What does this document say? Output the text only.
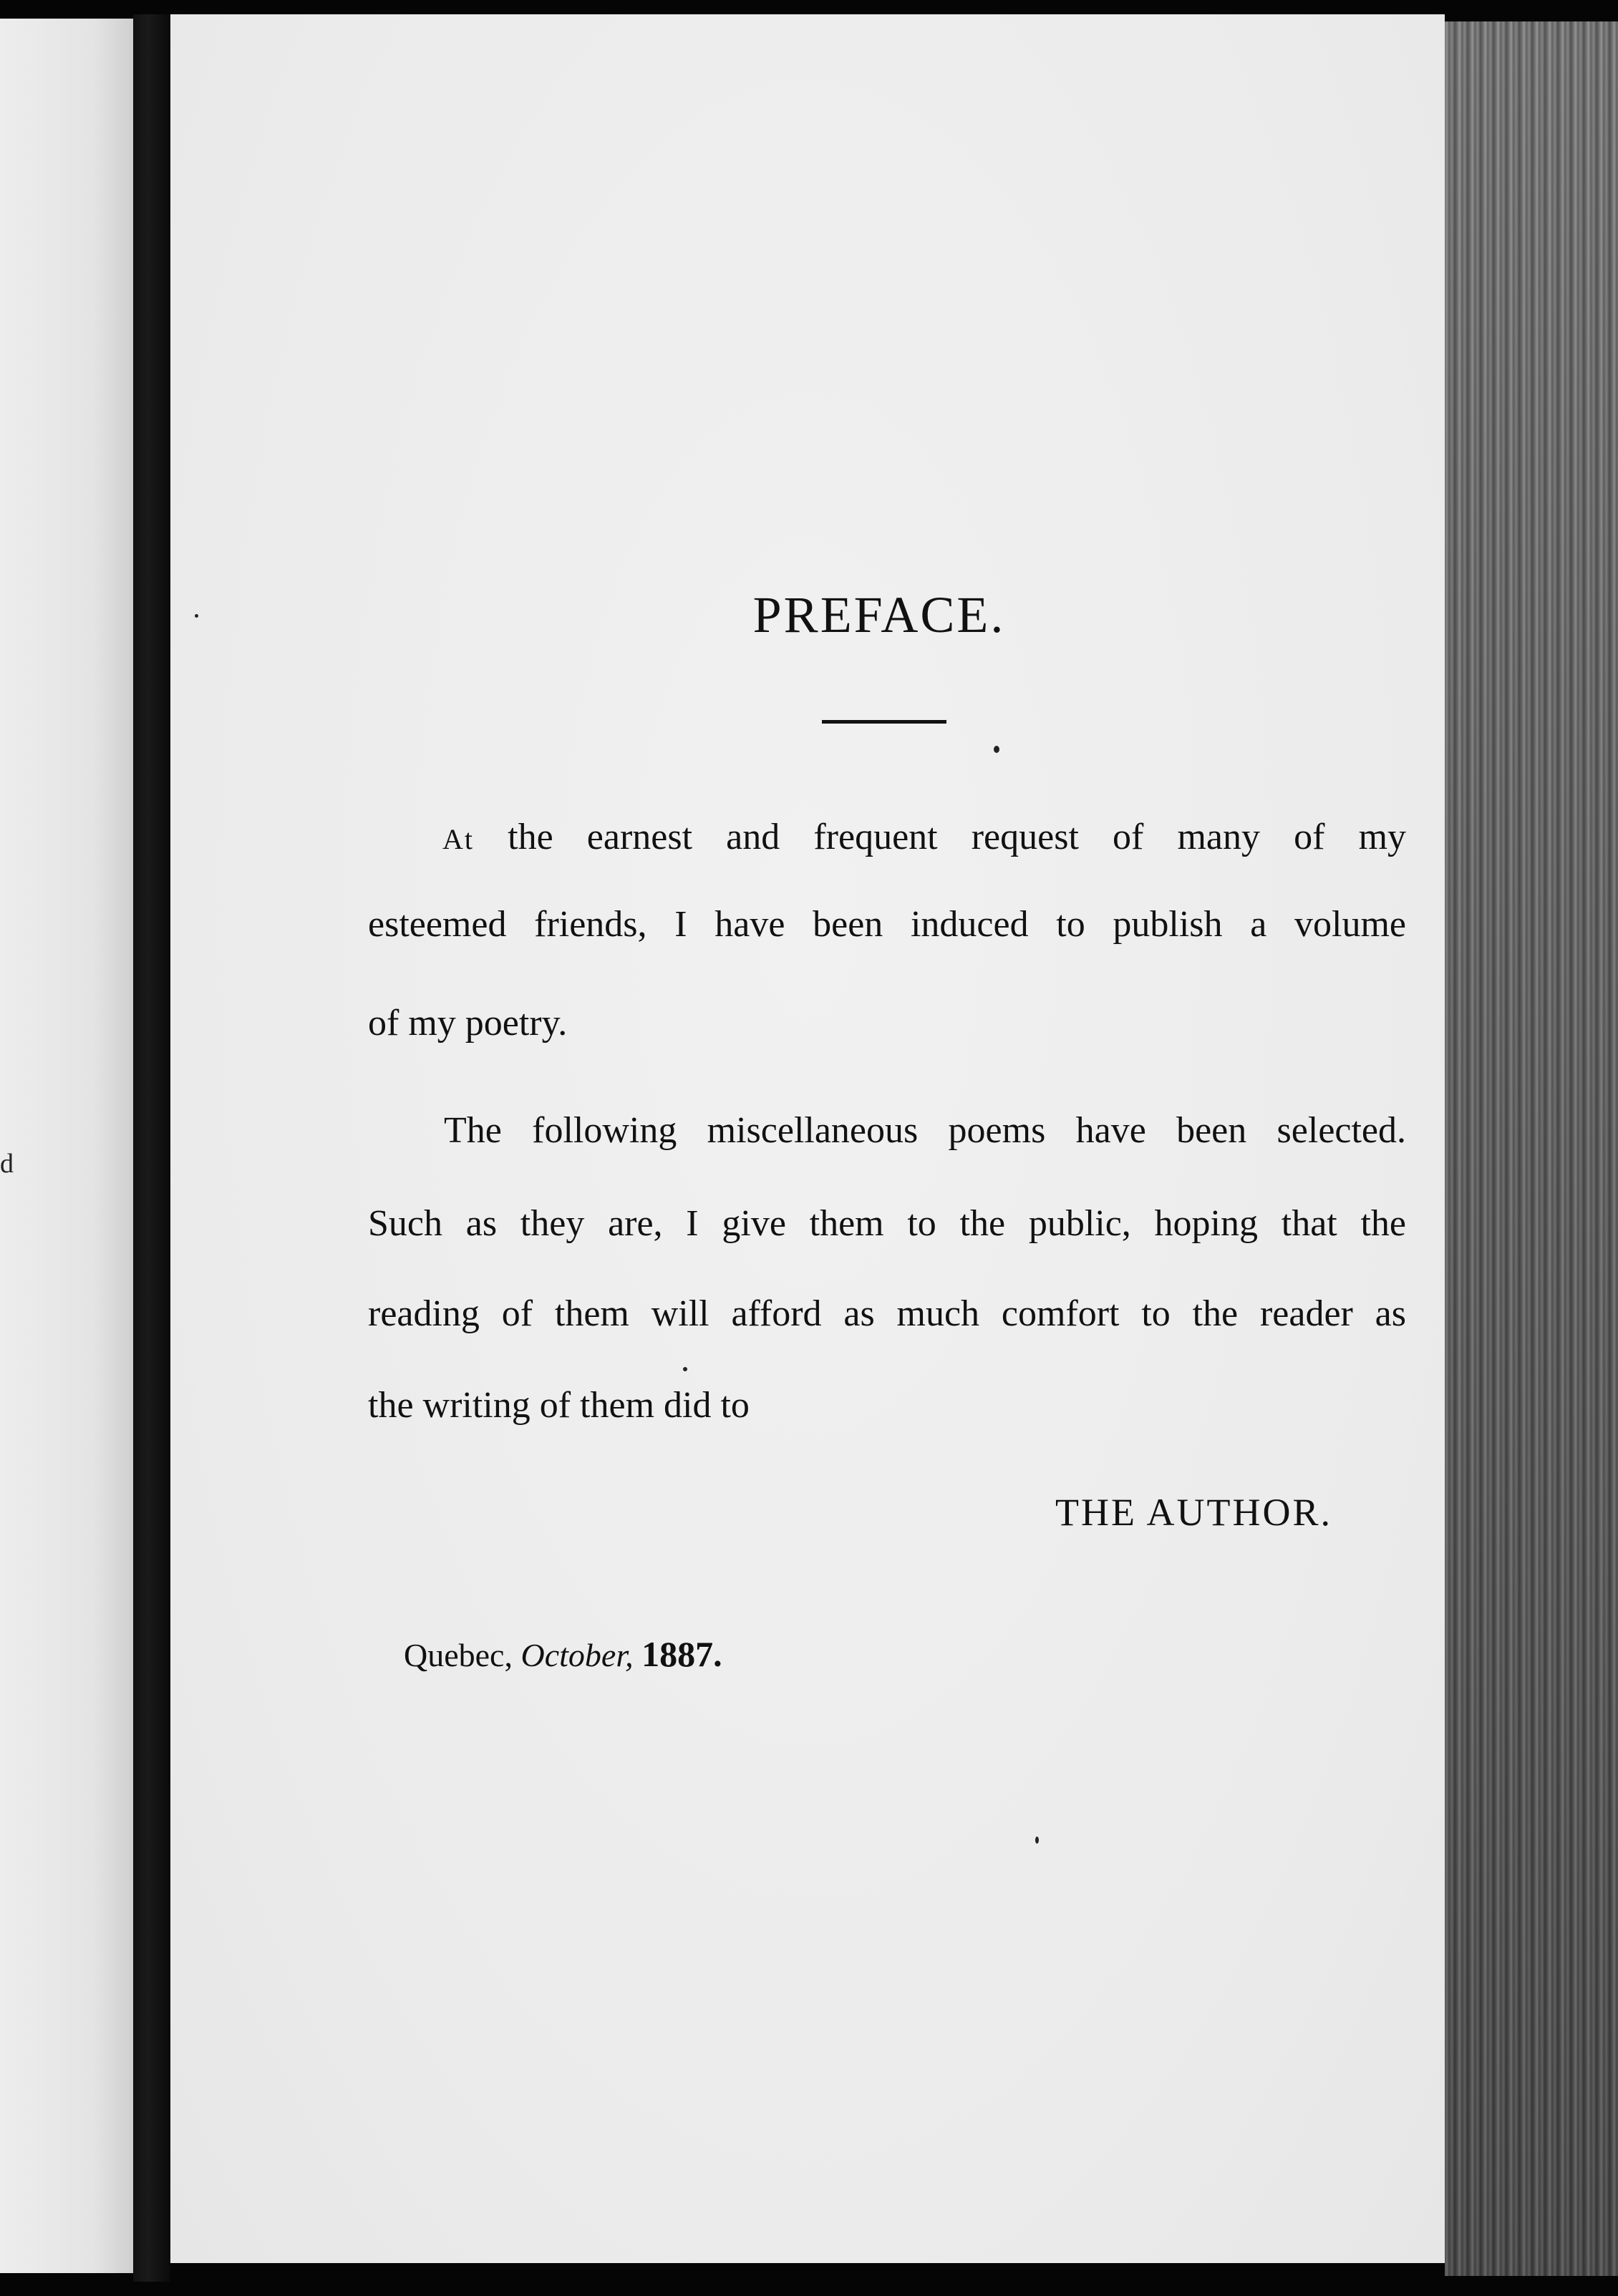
d
PREFACE.
At the earnest and frequent request of many of my
esteemed friends, I have been induced to publish a volume
of my poetry.
The following miscellaneous poems have been selected.
Such as they are, I give them to the public, hoping that the
reading of them will afford as much comfort to the reader as
the writing of them did to
THE AUTHOR.
Quebec, October, 1887.
